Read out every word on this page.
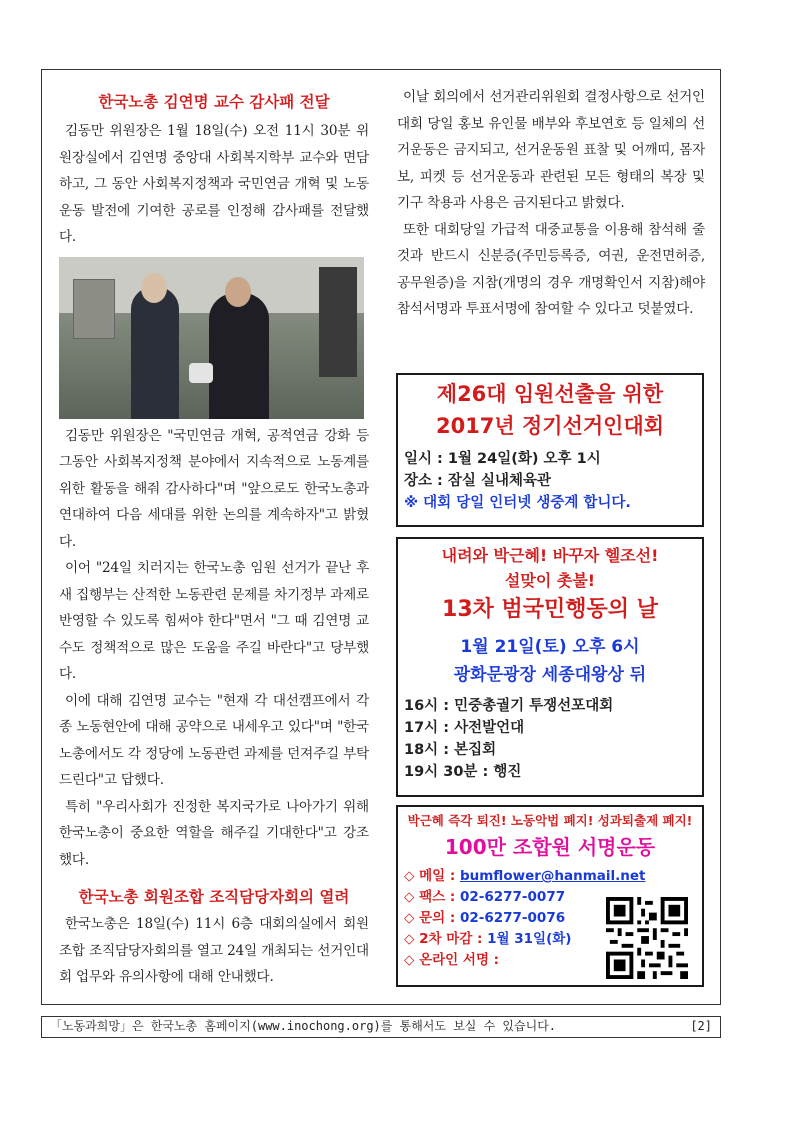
한국노총 김연명 교수 감사패 전달

김동만 위원장은 1월 18일(수) 오전 11시 30분 위원장실에서 김연명 중앙대 사회복지학부 교수와 면담하고, 그 동안 사회복지정책과 국민연금 개혁 및 노동운동 발전에 기여한 공로를 인정해 감사패를 전달했다.

김동만 위원장은 "국민연금 개혁, 공적연금 강화 등 그동안 사회복지정책 분야에서 지속적으로 노동계를 위한 활동을 해줘 감사하다"며 "앞으로도 한국노총과 연대하여 다음 세대를 위한 논의를 계속하자"고 밝혔다.

이어 "24일 치러지는 한국노총 임원 선거가 끝난 후 새 집행부는 산적한 노동관련 문제를 차기정부 과제로 반영할 수 있도록 힘써야 한다"면서 "그 때 김연명 교수도 정책적으로 많은 도움을 주길 바란다"고 당부했다.

이에 대해 김연명 교수는 "현재 각 대선캠프에서 각종 노동현안에 대해 공약으로 내세우고 있다"며 "한국노총에서도 각 정당에 노동관련 과제를 던져주길 부탁드린다"고 답했다.

특히 "우리사회가 진정한 복지국가로 나아가기 위해 한국노총이 중요한 역할을 해주길 기대한다"고 강조했다.

한국노총 회원조합 조직담당자회의 열려

한국노총은 18일(수) 11시 6층 대회의실에서 회원조합 조직담당자회의를 열고 24일 개최되는 선거인대회 업무와 유의사항에 대해 안내했다.

이날 회의에서 선거관리위원회 결정사항으로 선거인대회 당일 홍보 유인물 배부와 후보연호 등 일체의 선거운동은 금지되고, 선거운동원 표찰 및 어깨띠, 몸자보, 피켓 등 선거운동과 관련된 모든 형태의 복장 및 기구 착용과 사용은 금지된다고 밝혔다.

또한 대회당일 가급적 대중교통을 이용해 참석해 줄 것과 반드시 신분증(주민등록증, 여권, 운전면허증, 공무원증)을 지참(개명의 경우 개명확인서 지참)해야 참석서명과 투표서명에 참여할 수 있다고 덧붙였다.

제26대 임원선출을 위한
2017년 정기선거인대회
일시 : 1월 24일(화) 오후 1시
장소 : 잠실 실내체육관
※ 대회 당일 인터넷 생중계 합니다.
내려와 박근혜! 바꾸자 헬조선!
설맞이 촛불!
13차 범국민행동의 날
1월 21일(토) 오후 6시
광화문광장 세종대왕상 뒤
16시 : 민중총궐기 투쟁선포대회
17시 : 사전발언대
18시 : 본집회
19시 30분 : 행진
박근혜 즉각 퇴진! 노동악법 폐지! 성과퇴출제 폐지!
100만 조합원 서명운동
◇ 메일 : bumflower@hanmail.net
◇ 팩스 : 02-6277-0077
◇ 문의 : 02-6277-0076
◇ 2차 마감 : 1월 31일(화)
◇ 온라인 서명 :
「노동과희망」은 한국노총 홈페이지(www.inochong.org)를 통해서도 보실 수 있습니다.	[2]
